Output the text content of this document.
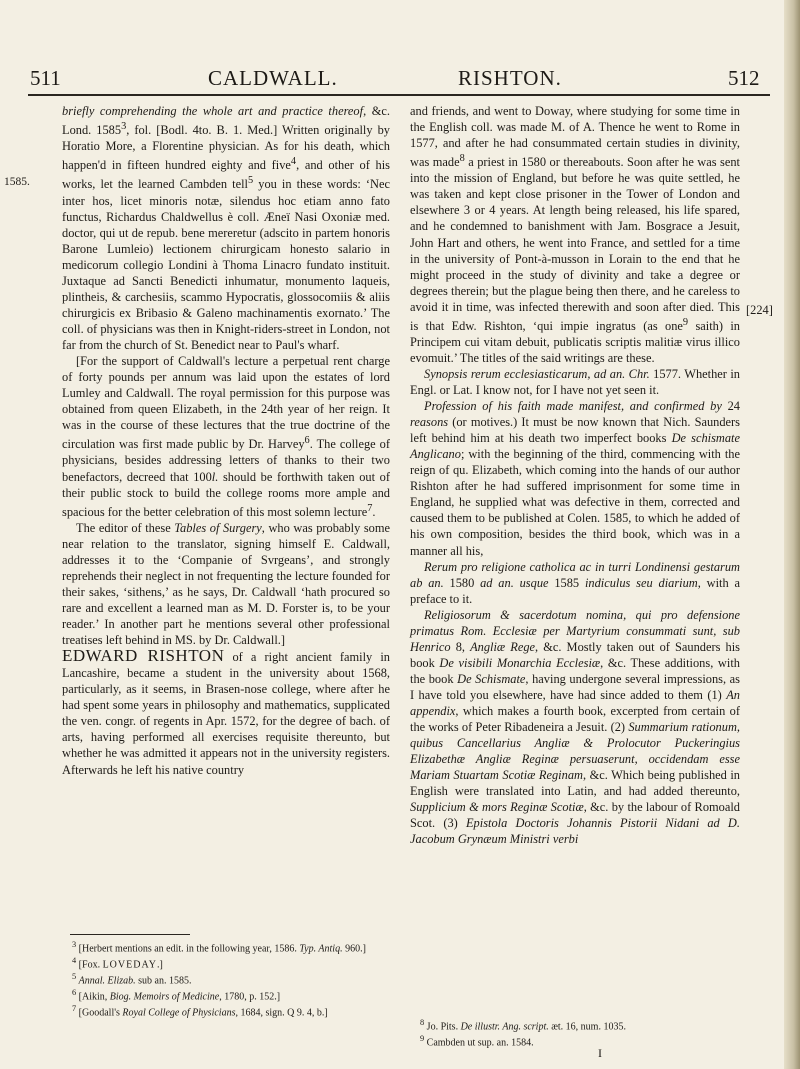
511	CALDWALL.	RISHTON.	512
1585.
[224]

briefly comprehending the whole art and practice thereof, &c. Lond. 1585$^3$, fol. [Bodl. 4to. B. 1. Med.] Written originally by Horatio More, a Florentine physician. As for his death, which happen'd in fifteen hundred eighty and five$^4$, and other of his works, let the learned Cambden tell$^5$ you in these words: ‘Nec inter hos, licet minoris notæ, silendus hoc etiam anno fato functus, Richardus Chaldwellus è coll. Æneï Nasi Oxoniæ med. doctor, qui ut de repub. bene mereretur (adscito in partem honoris Barone Lumleio) lectionem chirurgicam honesto salario in medicorum collegio Londini à Thoma Linacro fundato instituit. Juxtaque ad Sancti Benedicti inhumatur, monumento laqueis, plintheis, & carchesiis, scammo Hypocratis, glossocomiis & aliis chirurgicis ex Bribasio & Galeno machinamentis exornato.’ The coll. of physicians was then in Knight-riders-street in London, not far from the church of St. Benedict near to Paul's wharf.

[For the support of Caldwall's lecture a perpetual rent charge of forty pounds per annum was laid upon the estates of lord Lumley and Caldwall. The royal permission for this purpose was obtained from queen Elizabeth, in the 24th year of her reign. It was in the course of these lectures that the true doctrine of the circulation was first made public by Dr. Harvey$^6$. The college of physicians, besides addressing letters of thanks to their two benefactors, decreed that 100l. should be forthwith taken out of their public stock to build the college rooms more ample and spacious for the better celebration of this most solemn lecture$^7$.

The editor of these Tables of Surgery, who was probably some near relation to the translator, signing himself E. Caldwall, addresses it to the ‘Companie of Svrgeans’, and strongly reprehends their neglect in not frequenting the lecture founded for their sakes, ‘sithens,’ as he says, Dr. Caldwall ‘hath procured so rare and excellent a learned man as M. D. Forster is, to be your reader.’ In another part he mentions several other professional treatises left behind in MS. by Dr. Caldwall.]

EDWARD RISHTON of a right ancient family in Lancashire, became a student in the university about 1568, particularly, as it seems, in Brasen-nose college, where after he had spent some years in philosophy and mathematics, supplicated the ven. congr. of regents in Apr. 1572, for the degree of bach. of arts, having performed all exercises requisite thereunto, but whether he was admitted it appears not in the university registers. Afterwards he left his native country

$^3$ [Herbert mentions an edit. in the following year, 1586. Typ. Antiq. 960.]

$^4$ [Fox. LOVEDAY.]

$^5$ Annal. Elizab. sub an. 1585.

$^6$ [Aikin, Biog. Memoirs of Medicine, 1780, p. 152.]

$^7$ [Goodall's Royal College of Physicians, 1684, sign. Q 9. 4, b.]

and friends, and went to Doway, where studying for some time in the English coll. was made M. of A. Thence he went to Rome in 1577, and after he had consummated certain studies in divinity, was made$^8$ a priest in 1580 or thereabouts. Soon after he was sent into the mission of England, but before he was quite settled, he was taken and kept close prisoner in the Tower of London and elsewhere 3 or 4 years. At length being released, his life spared, and he condemned to banishment with Jam. Bosgrace a Jesuit, John Hart and others, he went into France, and settled for a time in the university of Pont-à-musson in Lorain to the end that he might proceed in the study of divinity and take a degree or degrees therein; but the plague being then there, and he careless to avoid it in time, was infected therewith and soon after died. This is that Edw. Rishton, ‘qui impie ingratus (as one$^9$ saith) in Principem cui vitam debuit, publicatis scriptis malitiæ virus illico evomuit.’ The titles of the said writings are these.

Synopsis rerum ecclesiasticarum, ad an. Chr. 1577. Whether in Engl. or Lat. I know not, for I have not yet seen it.

Profession of his faith made manifest, and confirmed by 24 reasons (or motives.) It must be now known that Nich. Saunders left behind him at his death two imperfect books De schismate Anglicano; with the beginning of the third, commencing with the reign of qu. Elizabeth, which coming into the hands of our author Rishton after he had suffered imprisonment for some time in England, he supplied what was defective in them, corrected and caused them to be published at Colen. 1585, to which he added of his own composition, besides the third book, which was in a manner all his,

Rerum pro religione catholica ac in turri Londinensi gestarum ab an. 1580 ad an. usque 1585 indiculus seu diarium, with a preface to it.

Religiosorum & sacerdotum nomina, qui pro defensione primatus Rom. Ecclesiæ per Martyrium consummati sunt, sub Henrico 8, Angliæ Rege, &c. Mostly taken out of Saunders his book De visibili Monarchia Ecclesiæ, &c. These additions, with the book De Schismate, having undergone several impressions, as I have told you elsewhere, have had since added to them (1) An appendix, which makes a fourth book, excerpted from certain of the works of Peter Ribadeneira a Jesuit. (2) Summarium rationum, quibus Cancellarius Angliæ & Prolocutor Puckeringius Elizabethæ Angliæ Reginæ persuaserunt, occidendam esse Mariam Stuartam Scotiæ Reginam, &c. Which being published in English were translated into Latin, and had added thereunto, Supplicium & mors Reginæ Scotiæ, &c. by the labour of Romoald Scot. (3) Epistola Doctoris Johannis Pistorii Nidani ad D. Jacobum Grynæum Ministri verbi

$^8$ Jo. Pits. De illustr. Ang. script. æt. 16, num. 1035.

$^9$ Cambden ut sup. an. 1584.

I
